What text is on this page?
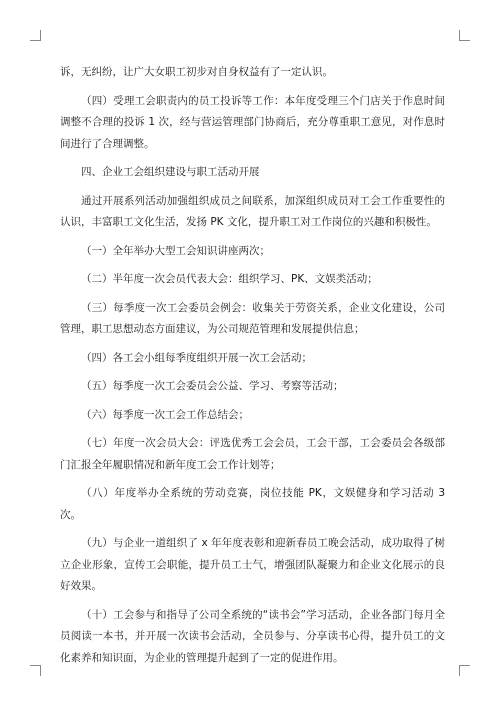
诉，无纠纷，让广大女职工初步对自身权益有了一定认识。

（四）受理工会职责内的员工投诉等工作：本年度受理三个门店关于作息时间调整不合理的投诉 1 次，经与营运管理部门协商后，充分尊重职工意见，对作息时间进行了合理调整。

四、企业工会组织建设与职工活动开展

通过开展系列活动加强组织成员之间联系，加深组织成员对工会工作重要性的认识，丰富职工文化生活，发扬 PK 文化，提升职工对工作岗位的兴趣和积极性。

（一）全年举办大型工会知识讲座两次；

（二）半年度一次会员代表大会：组织学习、PK、文娱类活动；

（三）每季度一次工会委员会例会：收集关于劳资关系，企业文化建设，公司管理，职工思想动态方面建议，为公司规范管理和发展提供信息；

（四）各工会小组每季度组织开展一次工会活动；

（五）每季度一次工会委员会公益、学习、考察等活动；

（六）每季度一次工会工作总结会；

（七）年度一次会员大会：评选优秀工会会员，工会干部，工会委员会各级部门汇报全年履职情况和新年度工会工作计划等；

（八）年度举办全系统的劳动竞赛，岗位技能 PK，文娱健身和学习活动 3 次。

（九）与企业一道组织了 x 年年度表彰和迎新春员工晚会活动，成功取得了树立企业形象，宣传工会职能，提升员工士气，增强团队凝聚力和企业文化展示的良好效果。

（十）工会参与和指导了公司全系统的“读书会”学习活动，企业各部门每月全员阅读一本书，并开展一次读书会活动，全员参与、分享读书心得，提升员工的文化素养和知识面，为企业的管理提升起到了一定的促进作用。
